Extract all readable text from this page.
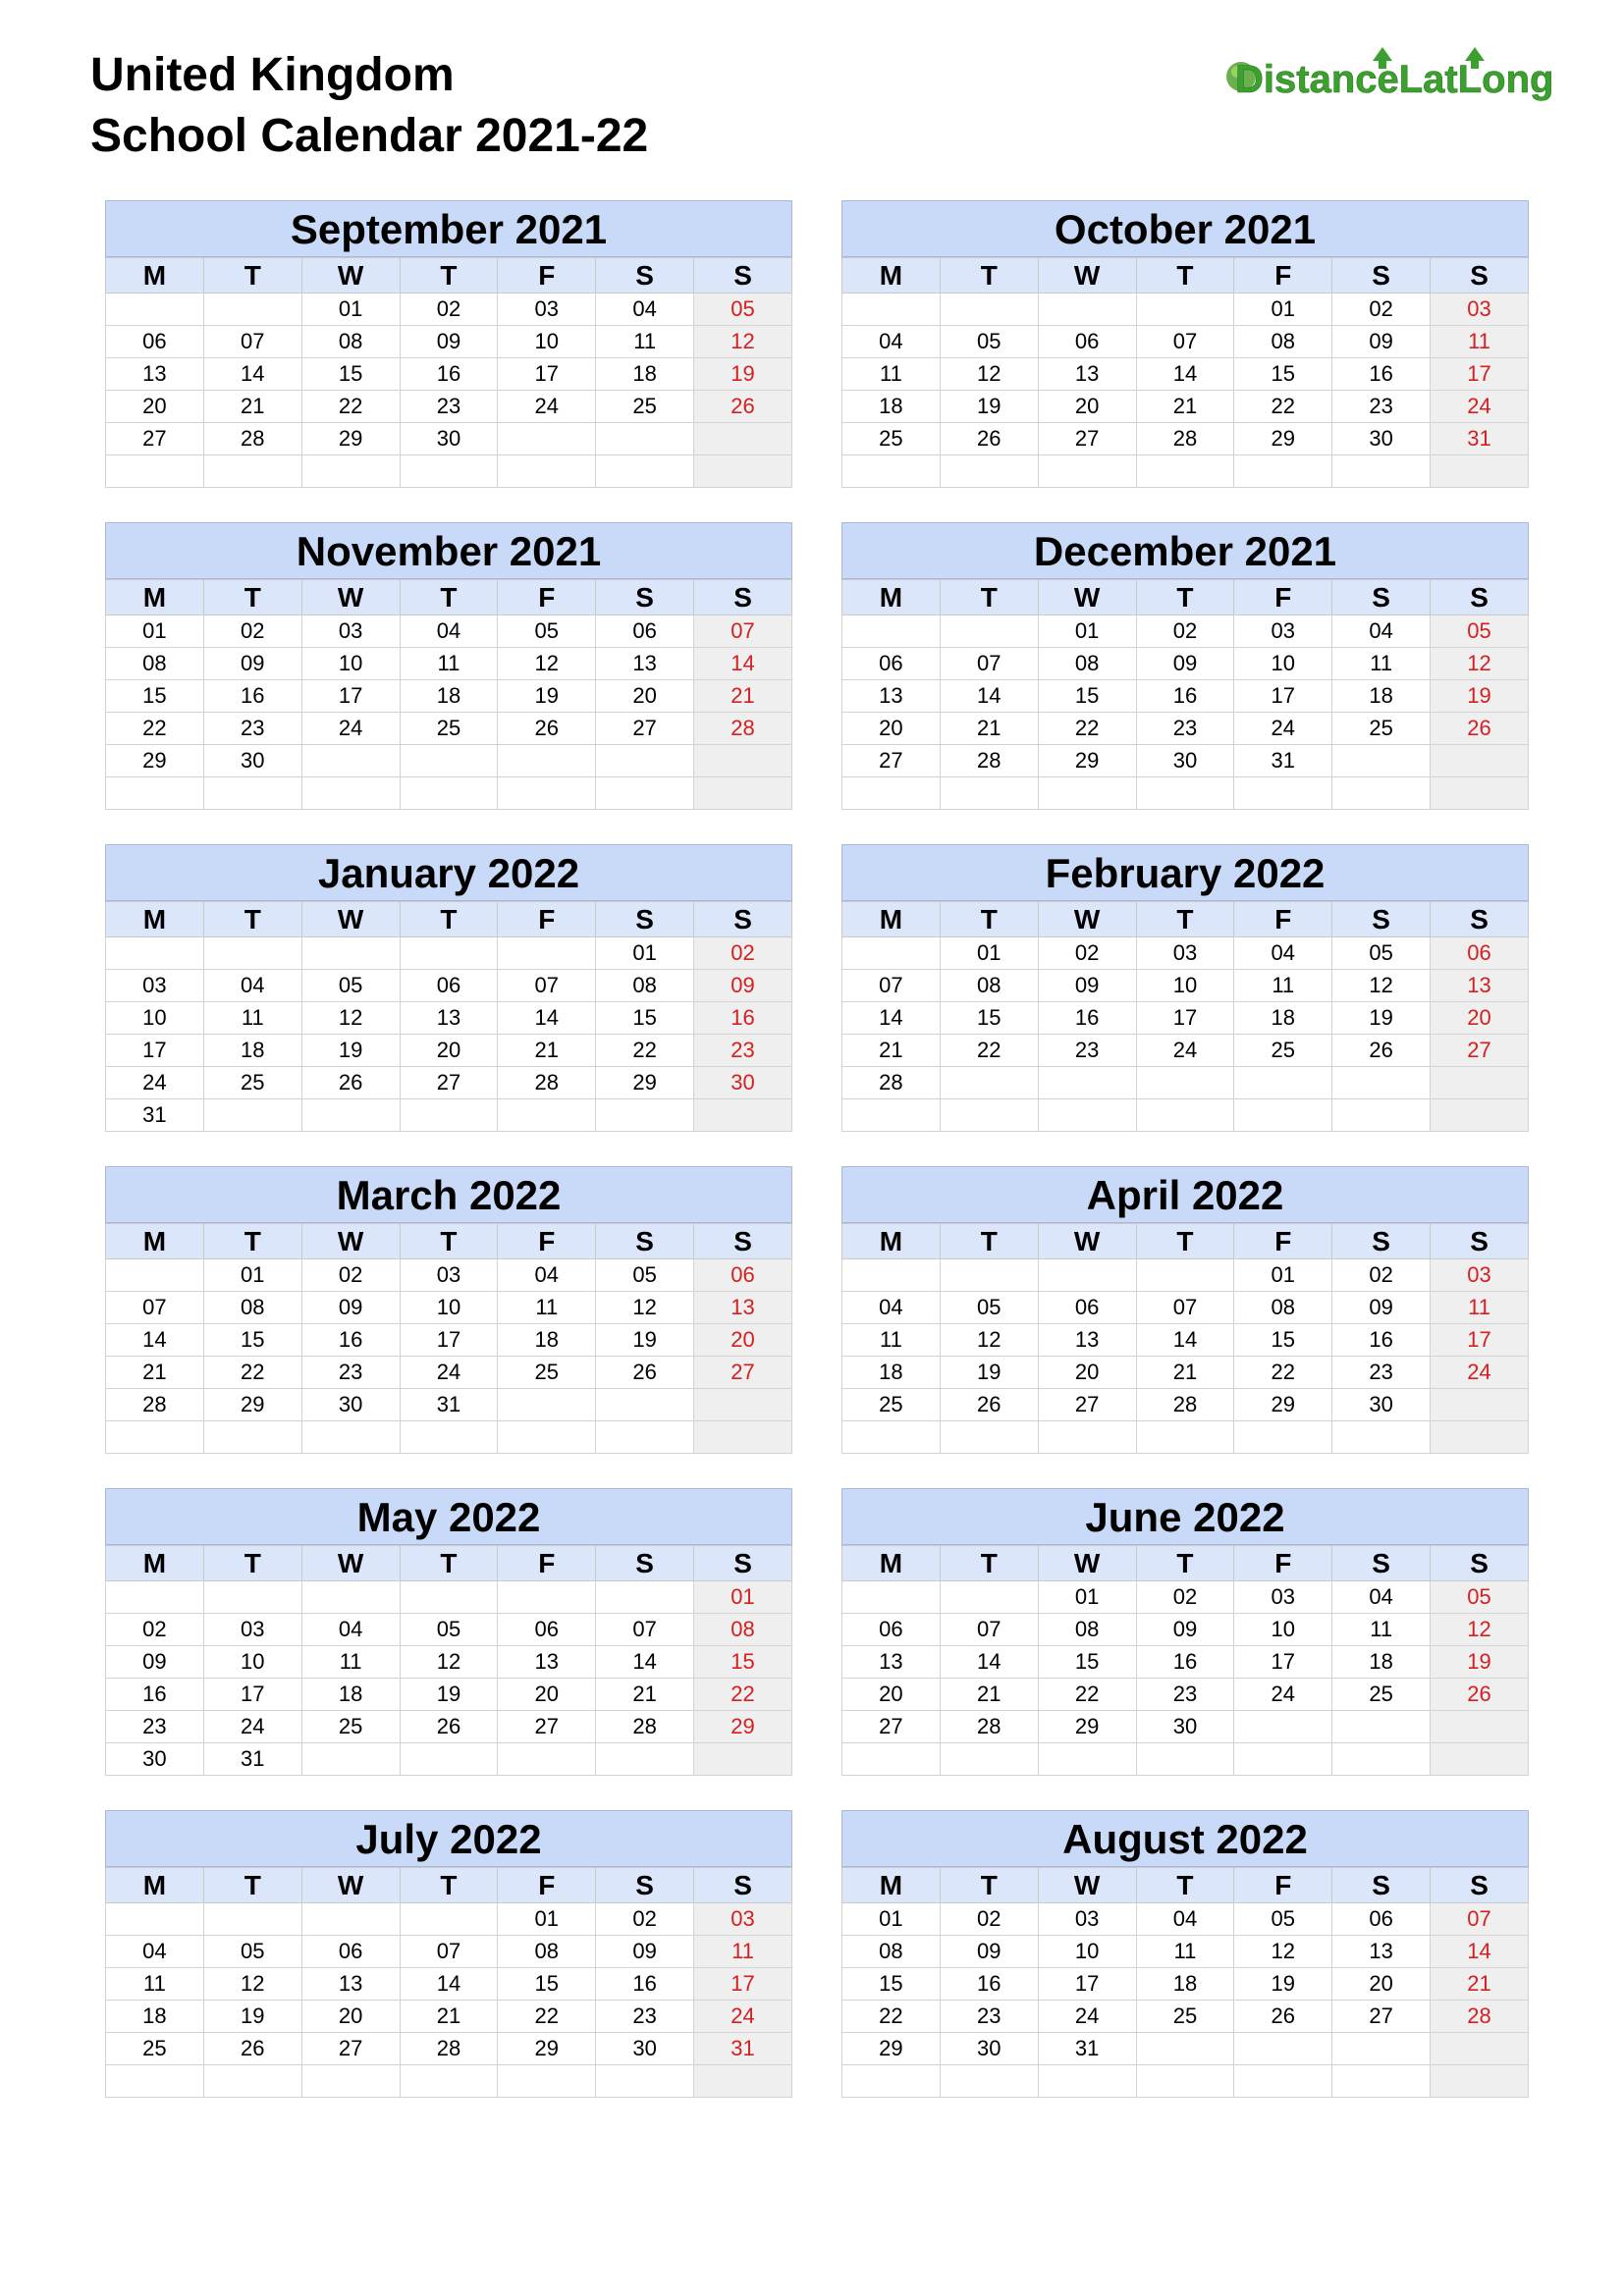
United Kingdom
School Calendar 2021-22
DistanceLatLong
September 2021
M	T	W	T	F	S	S
		01	02	03	04	05
06	07	08	09	10	11	12
13	14	15	16	17	18	19
20	21	22	23	24	25	26
27	28	29	30			

October 2021
M	T	W	T	F	S	S
				01	02	03
04	05	06	07	08	09	11
11	12	13	14	15	16	17
18	19	20	21	22	23	24
25	26	27	28	29	30	31

November 2021
M	T	W	T	F	S	S
01	02	03	04	05	06	07
08	09	10	11	12	13	14
15	16	17	18	19	20	21
22	23	24	25	26	27	28
29	30					

December 2021
M	T	W	T	F	S	S
		01	02	03	04	05
06	07	08	09	10	11	12
13	14	15	16	17	18	19
20	21	22	23	24	25	26
27	28	29	30	31		

January 2022
M	T	W	T	F	S	S
					01	02
03	04	05	06	07	08	09
10	11	12	13	14	15	16
17	18	19	20	21	22	23
24	25	26	27	28	29	30
31						
February 2022
M	T	W	T	F	S	S
	01	02	03	04	05	06
07	08	09	10	11	12	13
14	15	16	17	18	19	20
21	22	23	24	25	26	27
28						

March 2022
M	T	W	T	F	S	S
	01	02	03	04	05	06
07	08	09	10	11	12	13
14	15	16	17	18	19	20
21	22	23	24	25	26	27
28	29	30	31			

April 2022
M	T	W	T	F	S	S
				01	02	03
04	05	06	07	08	09	11
11	12	13	14	15	16	17
18	19	20	21	22	23	24
25	26	27	28	29	30	

May 2022
M	T	W	T	F	S	S
						01
02	03	04	05	06	07	08
09	10	11	12	13	14	15
16	17	18	19	20	21	22
23	24	25	26	27	28	29
30	31					
June 2022
M	T	W	T	F	S	S
		01	02	03	04	05
06	07	08	09	10	11	12
13	14	15	16	17	18	19
20	21	22	23	24	25	26
27	28	29	30			

July 2022
M	T	W	T	F	S	S
				01	02	03
04	05	06	07	08	09	11
11	12	13	14	15	16	17
18	19	20	21	22	23	24
25	26	27	28	29	30	31

August 2022
M	T	W	T	F	S	S
01	02	03	04	05	06	07
08	09	10	11	12	13	14
15	16	17	18	19	20	21
22	23	24	25	26	27	28
29	30	31				
